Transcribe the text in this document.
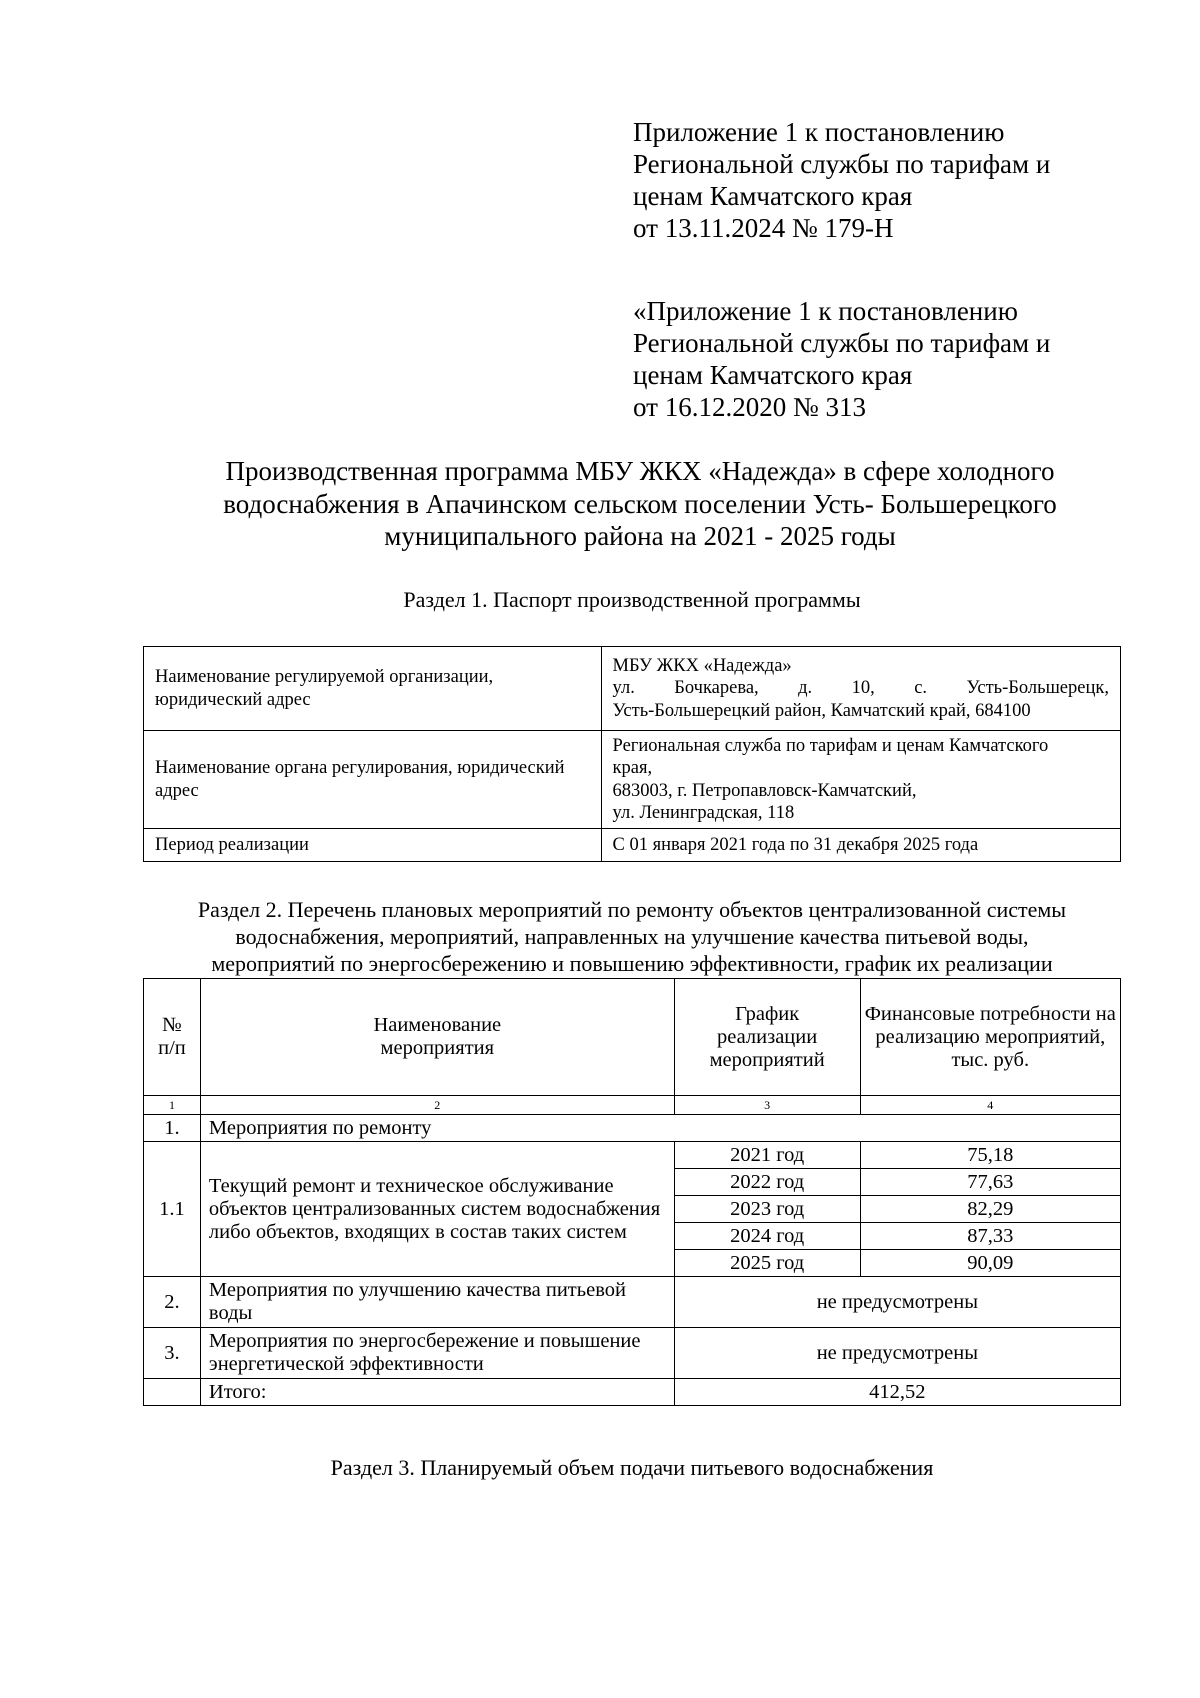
Приложение 1 к постановлению
Региональной службы по тарифам и
ценам Камчатского края
от 13.11.2024 № 179-Н
«Приложение 1 к постановлению
Региональной службы по тарифам и
ценам Камчатского края
от 16.12.2020 № 313
Производственная программа МБУ ЖКХ «Надежда» в сфере холодного
водоснабжения в Апачинском сельском поселении Усть- Большерецкого
муниципального района на 2021 - 2025 годы
Раздел 1. Паспорт производственной программы
Наименование регулируемой организации, юридический адрес	МБУ ЖКХ «Надежда»
ул. Бочкарева, д. 10, с. Усть-Большерецк,
Усть-Большерецкий район, Камчатский край, 684100

Наименование органа регулирования, юридический адрес	Региональная служба по тарифам и ценам Камчатского
края,
683003, г. Петропавловск-Камчатский,
ул. Ленинградская, 118

Период реализации	С 01 января 2021 года по 31 декабря 2025 года
Раздел 2. Перечень плановых мероприятий по ремонту объектов централизованной системы
водоснабжения, мероприятий, направленных на улучшение качества питьевой воды,
мероприятий по энергосбережению и повышению эффективности, график их реализации
№ п/п	Наименование мероприятия	График реализации мероприятий	Финансовые потребности на реализацию мероприятий, тыс. руб.
1	2	3	4
1.	Мероприятия по ремонту		
1.1	Текущий ремонт и техническое обслуживание объектов централизованных систем водоснабжения либо объектов, входящих в состав таких систем	2021 год	75,18
		2022 год	77,63
		2023 год	82,29
		2024 год	87,33
		2025 год	90,09
2.	Мероприятия по улучшению качества питьевой воды	не предусмотрены	
3.	Мероприятия по энергосбережение и повышение энергетической эффективности	не предусмотрены	
	Итого:	412,52	
Раздел 3. Планируемый объем подачи питьевого водоснабжения
